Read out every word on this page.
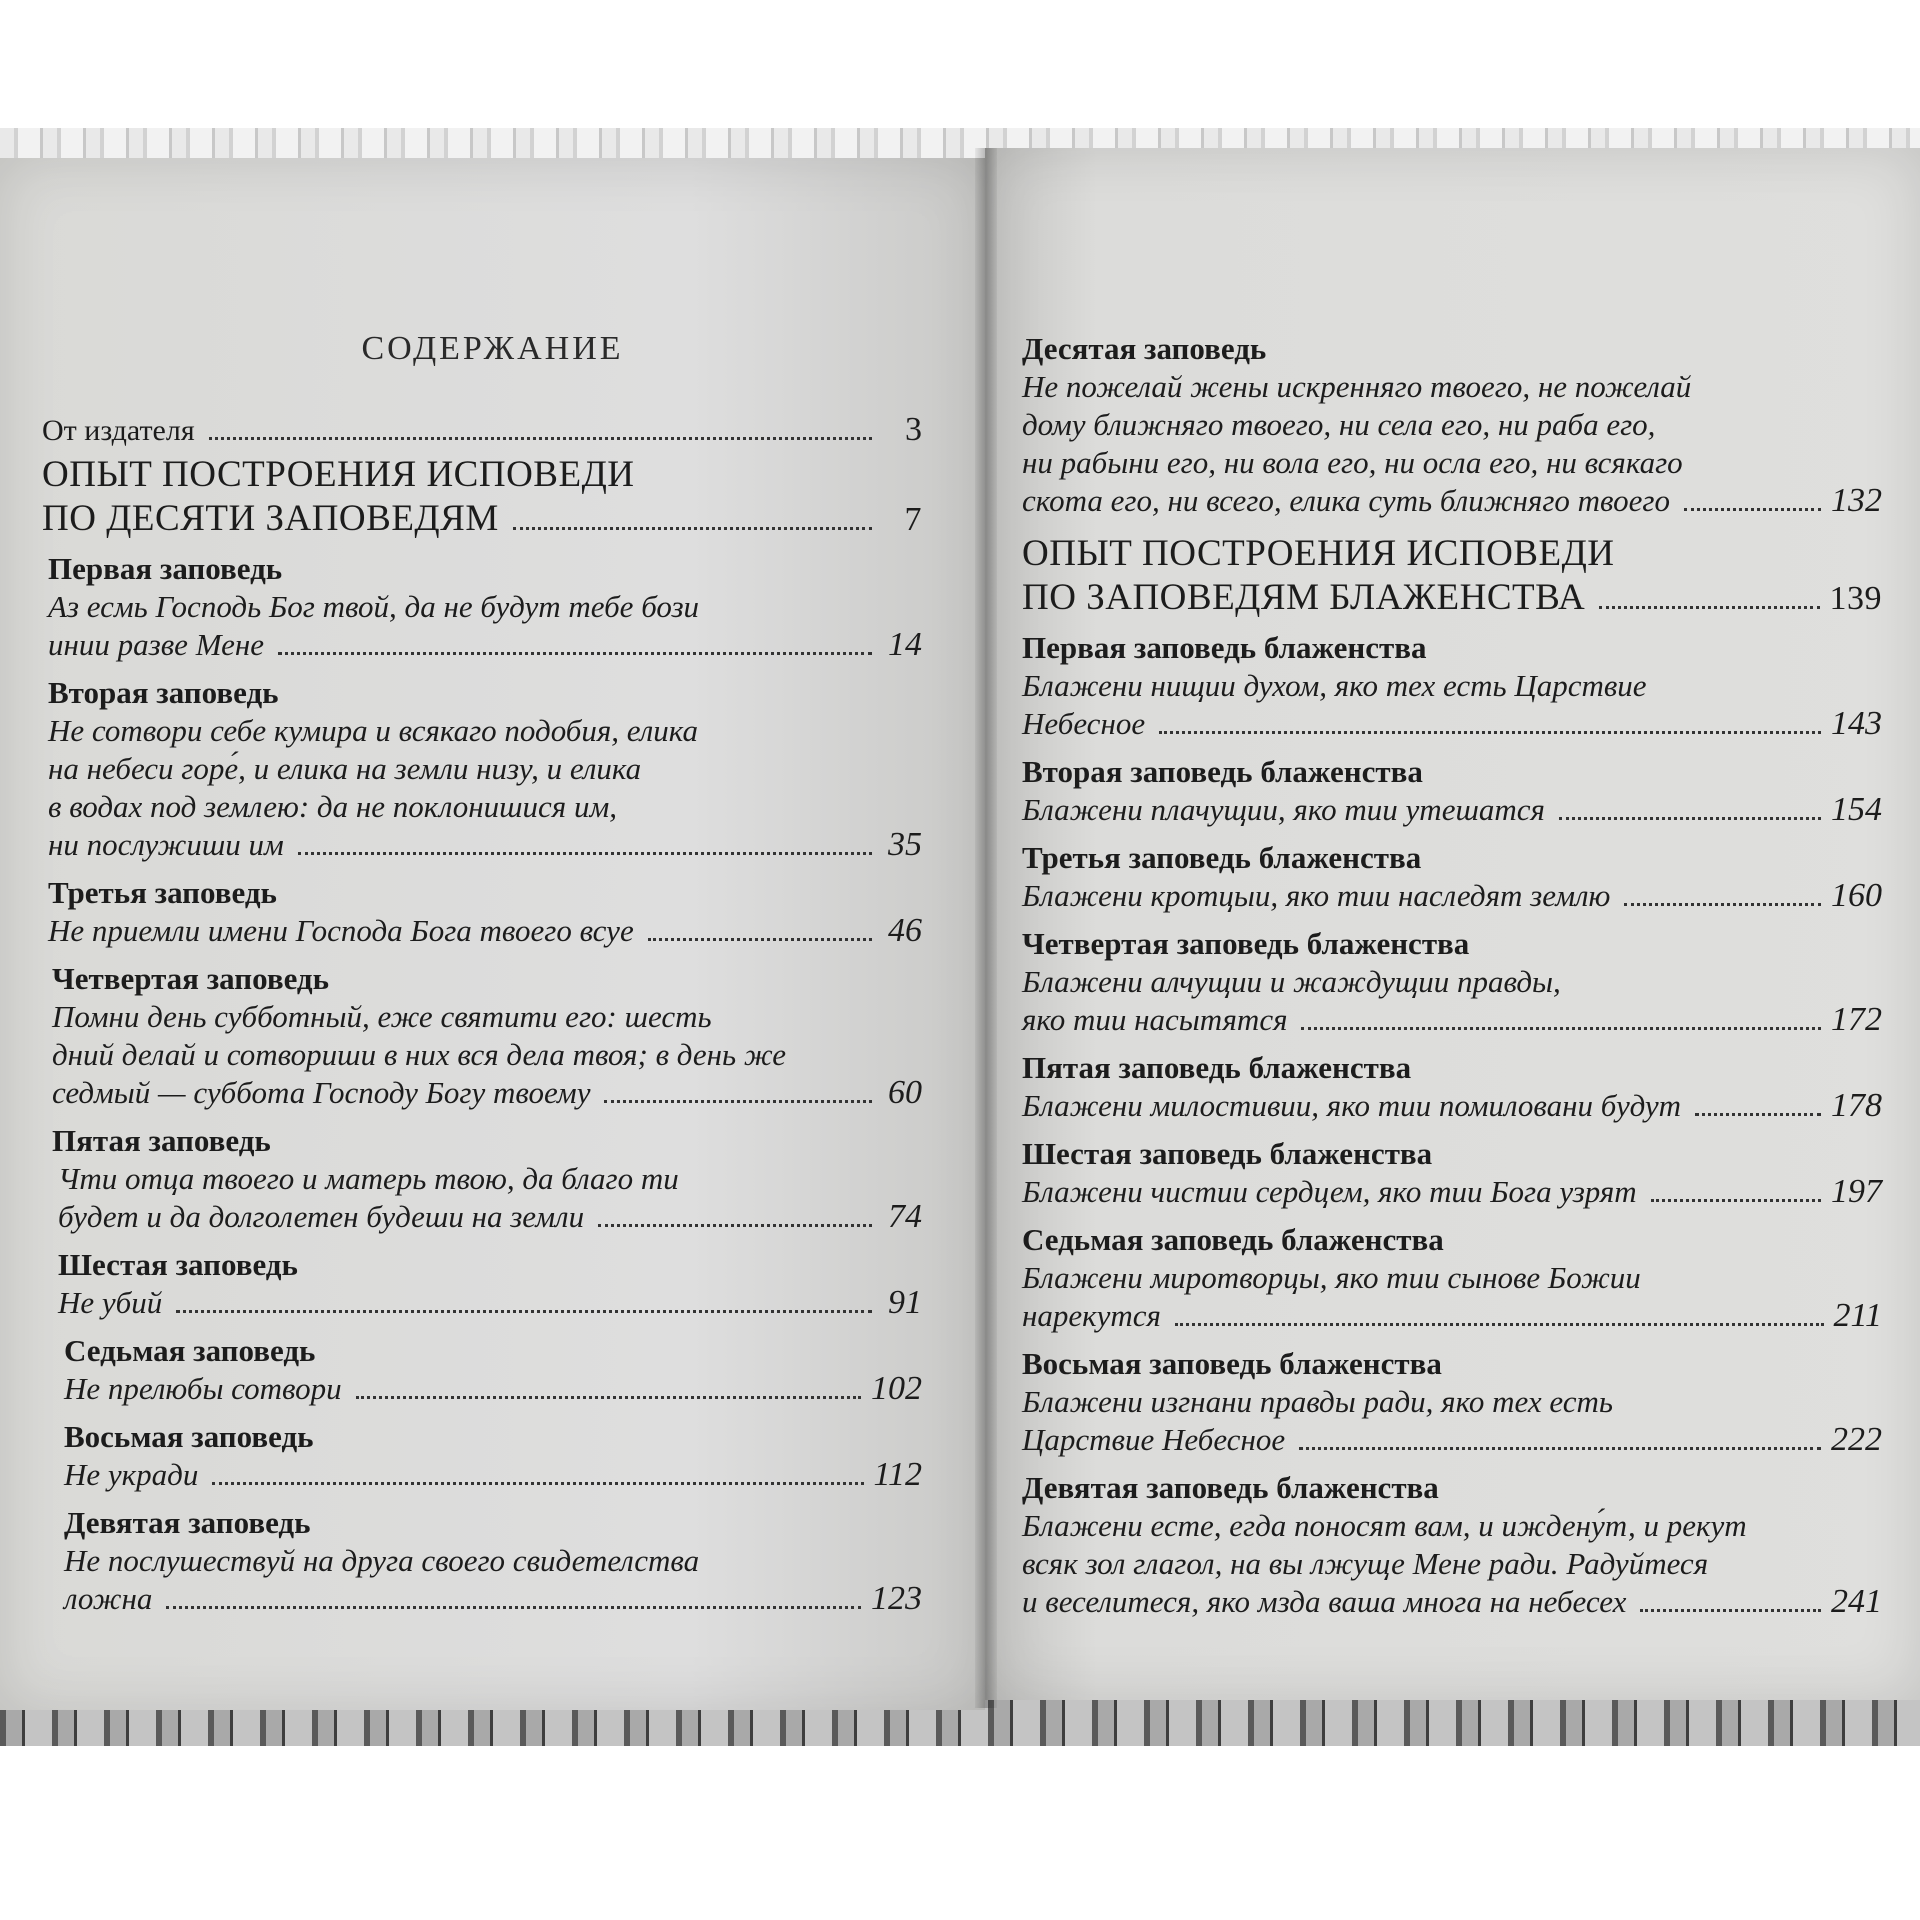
СОДЕРЖАНИЕ
От издателя	3
ОПЫТ ПОСТРОЕНИЯ ИСПОВЕДИ
ПО ДЕСЯТИ ЗАПОВЕДЯМ	7
Первая заповедь
Аз есмь Господь Бог твой, да не будут тебе бози
инии разве Мене	14
Вторая заповедь
Не сотвори себе кумира и всякаго подобия, елика
на небеси горе́, и елика на земли низу, и елика
в водах под землею: да не поклонишися им,
ни послужиши им	35
Третья заповедь
Не приемли имени Господа Бога твоего всуе	46
Четвертая заповедь
Помни день субботный, еже святити его: шесть
дний делай и сотвориши в них вся дела твоя; в день же
седмый — суббота Господу Богу твоему	60
Пятая заповедь
Чти отца твоего и матерь твою, да благо ти
будет и да долголетен будеши на земли	74
Шестая заповедь
Не убий	91
Седьмая заповедь
Не прелюбы сотвори	102
Восьмая заповедь
Не укради	112
Девятая заповедь
Не послушествуй на друга своего свидетелства
ложна	123
Десятая заповедь
Не пожелай жены искренняго твоего, не пожелай
дому ближняго твоего, ни села его, ни раба его,
ни рабыни его, ни вола его, ни осла его, ни всякаго
скота его, ни всего, елика суть ближняго твоего	132
ОПЫТ ПОСТРОЕНИЯ ИСПОВЕДИ
ПО ЗАПОВЕДЯМ БЛАЖЕНСТВА	139
Первая заповедь блаженства
Блажени нищии духом, яко тех есть Царствие
Небесное	143
Вторая заповедь блаженства
Блажени плачущии, яко тии утешатся	154
Третья заповедь блаженства
Блажени кротцыи, яко тии наследят землю	160
Четвертая заповедь блаженства
Блажени алчущии и жаждущии правды,
яко тии насытятся	172
Пятая заповедь блаженства
Блажени милостивии, яко тии помиловани будут	178
Шестая заповедь блаженства
Блажени чистии сердцем, яко тии Бога узрят	197
Седьмая заповедь блаженства
Блажени миротворцы, яко тии сынове Божии
нарекутся	211
Восьмая заповедь блаженства
Блажени изгнани правды ради, яко тех есть
Царствие Небесное	222
Девятая заповедь блаженства
Блажени есте, егда поносят вам, и иждену́т, и рекут
всяк зол глагол, на вы лжуще Мене ради. Радуйтеся
и веселитеся, яко мзда ваша многа на небесех	241
